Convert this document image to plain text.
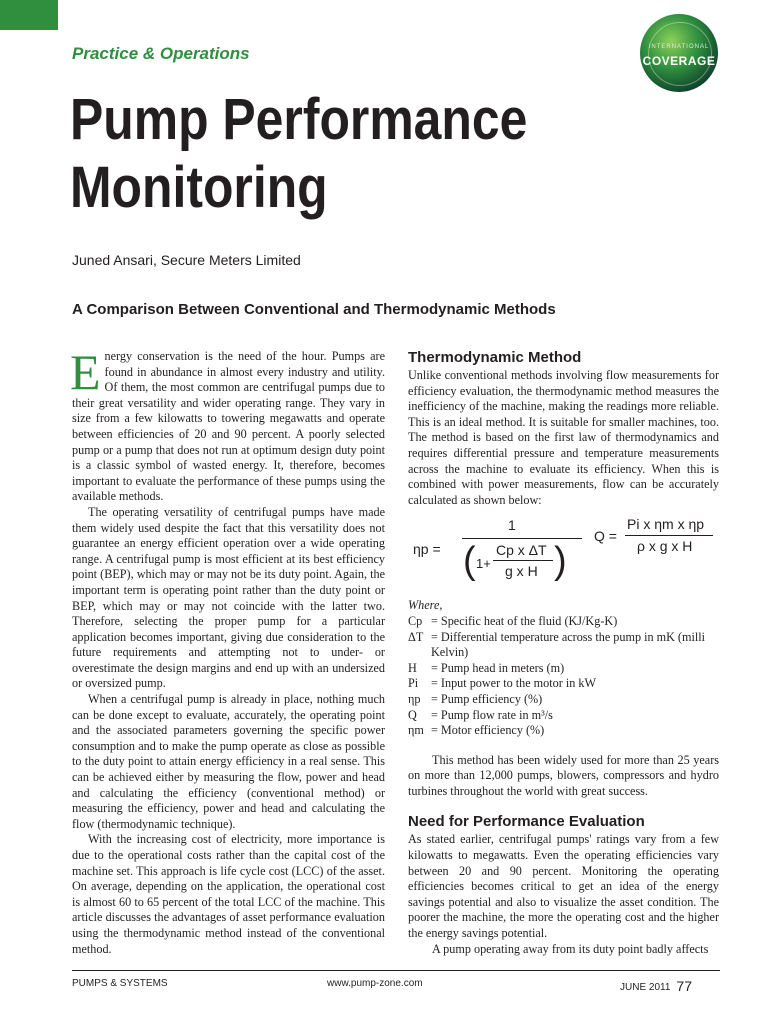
Practice & Operations	INTERNATIONAL
COVERAGE
Pump Performance
Monitoring
Juned Ansari, Secure Meters Limited
A Comparison Between Conventional and Thermodynamic Methods

Energy conservation is the need of the hour. Pumps are found in abundance in almost every industry and utility. Of them, the most common are centrifugal pumps due to their great versatility and wider operating range. They vary in size from a few kilowatts to towering megawatts and operate between efficiencies of 20 and 90 percent. A poorly selected pump or a pump that does not run at optimum design duty point is a classic symbol of wasted energy. It, therefore, becomes important to evaluate the performance of these pumps using the available methods.

The operating versatility of centrifugal pumps have made them widely used despite the fact that this versatility does not guarantee an energy efficient operation over a wide operating range. A centrifugal pump is most efficient at its best efficiency point (BEP), which may or may not be its duty point. Again, the important term is operating point rather than the duty point or BEP, which may or may not coincide with the latter two. Therefore, selecting the proper pump for a particular application becomes important, giving due consideration to the future requirements and attempting not to under- or overestimate the design margins and end up with an undersized or oversized pump.

When a centrifugal pump is already in place, nothing much can be done except to evaluate, accurately, the operating point and the associated parameters governing the specific power consumption and to make the pump operate as close as possible to the duty point to attain energy efficiency in a real sense. This can be achieved either by measuring the flow, power and head and calculating the efficiency (conventional method) or measuring the efficiency, power and head and calculating the flow (thermodynamic technique).

With the increasing cost of electricity, more importance is due to the operational costs rather than the capital cost of the machine set. This approach is life cycle cost (LCC) of the asset. On average, depending on the application, the operational cost is almost 60 to 65 percent of the total LCC of the machine. This article discusses the advantages of asset performance evaluation using the thermodynamic method instead of the conventional method.

Thermodynamic Method

Unlike conventional methods involving flow measurements for efficiency evaluation, the thermodynamic method measures the inefficiency of the machine, making the readings more reliable. This is an ideal method. It is suitable for smaller machines, too. The method is based on the first law of thermodynamics and requires differential pressure and temperature measurements across the machine to evaluate its efficiency. When this is combined with power measurements, flow can be accurately calculated as shown below:

ηp =
1
( 1+
Cp x ΔT
g x H )
Q =
Pi x ηm x ηp
ρ x g x H

Where,

Cp = Specific heat of the fluid (KJ/Kg-K)
ΔT = Differential temperature across the pump in mK (milli Kelvin)
H	= Pump head in meters (m)
Pi	= Input power to the motor in kW
ηp = Pump efficiency (%)
Q	= Pump flow rate in m³/s
ηm = Motor efficiency (%)

This method has been widely used for more than 25 years on more than 12,000 pumps, blowers, compressors and hydro turbines throughout the world with great success.

Need for Performance Evaluation

As stated earlier, centrifugal pumps' ratings vary from a few kilowatts to megawatts. Even the operating efficiencies vary between 20 and 90 percent. Monitoring the operating efficiencies becomes critical to get an idea of the energy savings potential and also to visualize the asset condition. The poorer the machine, the more the operating cost and the higher the energy savings potential.

A pump operating away from its duty point badly affects

PUMPS & SYSTEMS	www.pump-zone.com	JUNE 2011 77
